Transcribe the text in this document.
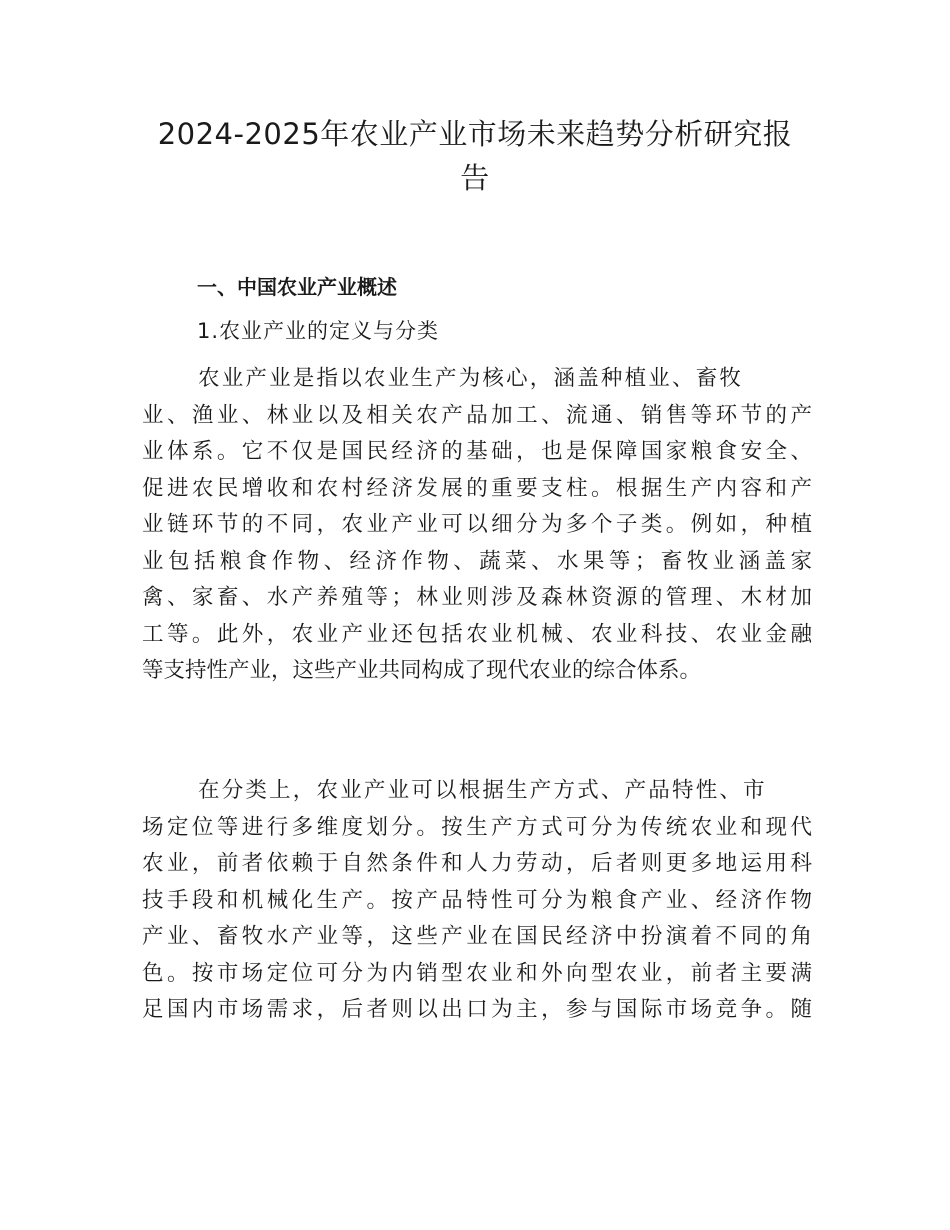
2024-2025年农业产业市场未来趋势分析研究报
告
一、中国农业产业概述
1.农业产业的定义与分类
农业产业是指以农业生产为核心，涵盖种植业、畜牧
业、渔业、林业以及相关农产品加工、流通、销售等环节的产
业体系。它不仅是国民经济的基础，也是保障国家粮食安全、
促进农民增收和农村经济发展的重要支柱。根据生产内容和产
业链环节的不同，农业产业可以细分为多个子类。例如，种植
业包括粮食作物、经济作物、蔬菜、水果等；畜牧业涵盖家
禽、家畜、水产养殖等；林业则涉及森林资源的管理、木材加
工等。此外，农业产业还包括农业机械、农业科技、农业金融
等支持性产业，这些产业共同构成了现代农业的综合体系。
在分类上，农业产业可以根据生产方式、产品特性、市
场定位等进行多维度划分。按生产方式可分为传统农业和现代
农业，前者依赖于自然条件和人力劳动，后者则更多地运用科
技手段和机械化生产。按产品特性可分为粮食产业、经济作物
产业、畜牧水产业等，这些产业在国民经济中扮演着不同的角
色。按市场定位可分为内销型农业和外向型农业，前者主要满
足国内市场需求，后者则以出口为主，参与国际市场竞争。随
